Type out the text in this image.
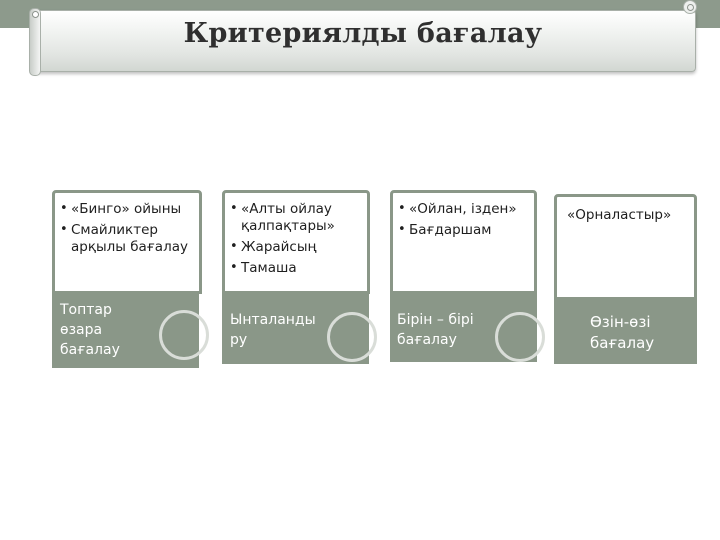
Критериялды бағалау
• «Бинго» ойыны
• Смайликтер арқылы бағалау
Топтар өзара бағалау
• «Алты ойлау қалпақтары»
• Жарайсың
• Тамаша
Ынталанды ру
• «Ойлан, ізден»
• Бағдаршам
Бірін – бірі бағалау
«Орналастыр»
Өзін-өзі бағалау
